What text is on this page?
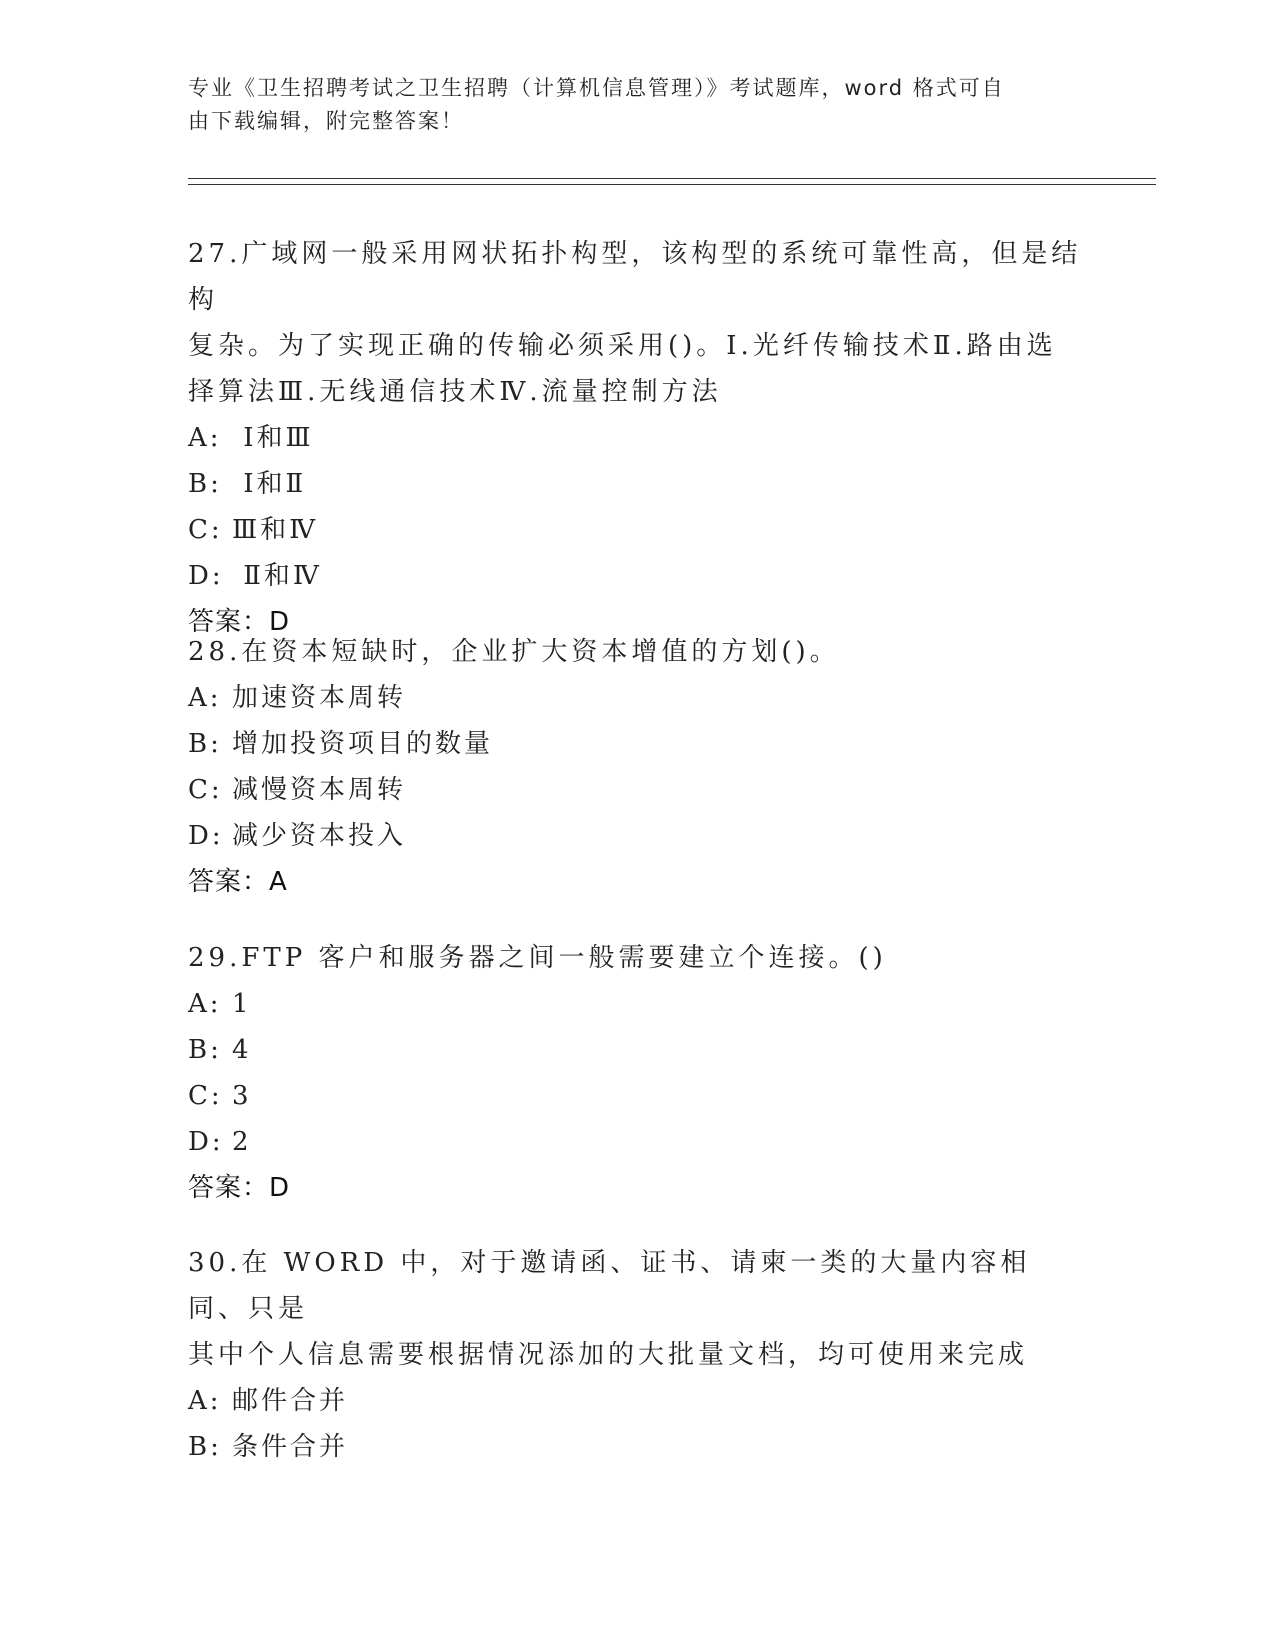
专业《卫生招聘考试之卫生招聘（计算机信息管理）》考试题库，word 格式可自
由下载编辑，附完整答案！
27.广域网一般采用网状拓扑构型，该构型的系统可靠性高，但是结构
复杂。为了实现正确的传输必须采用()。Ⅰ.光纤传输技术Ⅱ.路由选
择算法Ⅲ.无线通信技术Ⅳ.流量控制方法
A: Ⅰ和Ⅲ
B: Ⅰ和Ⅱ
C: Ⅲ和Ⅳ
D: Ⅱ和Ⅳ
答案：D
28.在资本短缺时，企业扩大资本增值的方划()。
A: 加速资本周转
B: 增加投资项目的数量
C: 减慢资本周转
D: 减少资本投入
答案：A
29.FTP 客户和服务器之间一般需要建立个连接。()
A: 1
B: 4
C: 3
D: 2
答案：D
30.在 WORD 中，对于邀请函、证书、请柬一类的大量内容相同、只是
其中个人信息需要根据情况添加的大批量文档，均可使用来完成
A: 邮件合并
B: 条件合并
